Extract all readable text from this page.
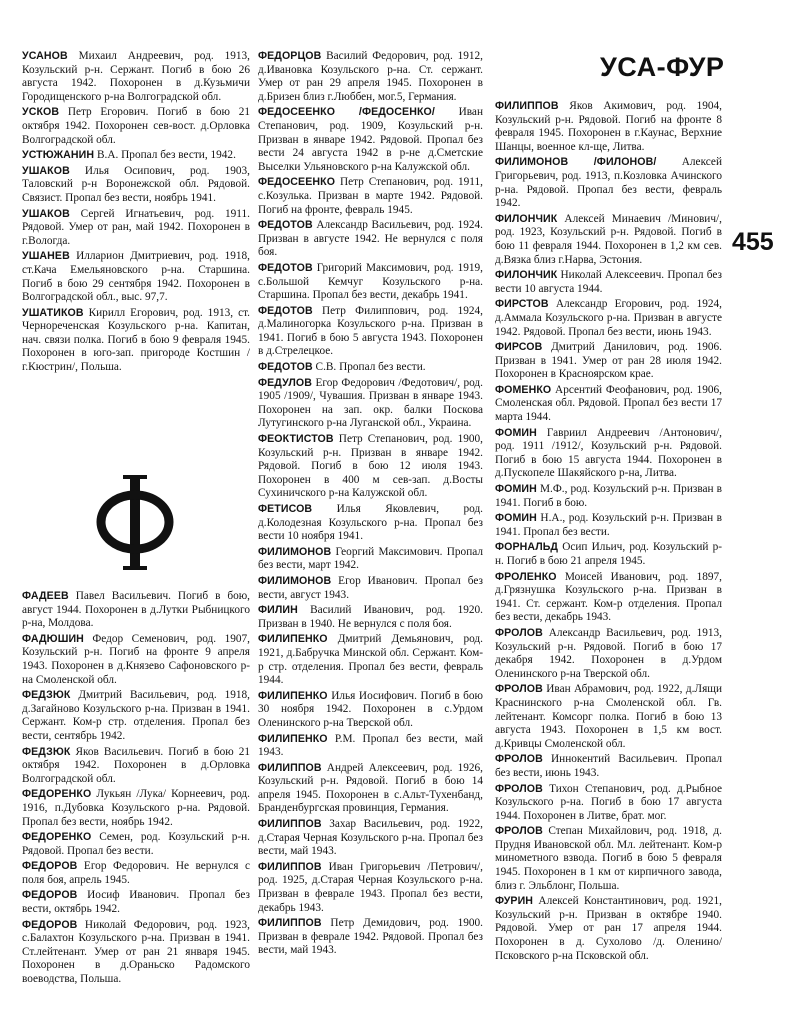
УСА-ФУР
455

УСАНОВ Михаил Андреевич, род. 1913, Козульский р-н. Сержант. Погиб в бою 26 августа 1942. Похоронен в д.Кузьмичи Городищенского р-на Волгоградской обл.

УСКОВ Петр Егорович. Погиб в бою 21 октября 1942. Похоронен сев-вост. д.Орловка Волгоградской обл.

УСТЮЖАНИН В.А. Пропал без вести, 1942.

УШАКОВ Илья Осипович, род. 1903, Таловский р-н Воронежской обл. Рядовой. Связист. Пропал без вести, ноябрь 1941.

УШАКОВ Сергей Игнатьевич, род. 1911. Рядовой. Умер от ран, май 1942. Похоронен в г.Вологда.

УШАНЕВ Илларион Дмитриевич, род. 1918, ст.Кача Емельяновского р-на. Старшина. Погиб в бою 29 сентября 1942. Похоронен в Волгоградской обл., выс. 97,7.

УШАТИКОВ Кирилл Егорович, род. 1913, ст. Чернореченская Козульского р-на. Капитан, нач. связи полка. Погиб в бою 9 февраля 1945. Похоронен в юго-зап. пригороде Костшин /г.Кюстрин/, Польша.

ФАДЕЕВ Павел Васильевич. Погиб в бою, август 1944. Похоронен в д.Лутки Рыбницкого р-на, Молдова.

ФАДЮШИН Федор Семенович, род. 1907, Козульский р-н. Погиб на фронте 9 апреля 1943. Похоронен в д.Князево Сафоновского р-на Смоленской обл.

ФЕДЗЮК Дмитрий Васильевич, род. 1918, д.Загайново Козульского р-на. Призван в 1941. Сержант. Ком-р стр. отделения. Пропал без вести, сентябрь 1942.

ФЕДЗЮК Яков Васильевич. Погиб в бою 21 октября 1942. Похоронен в д.Орловка Волгоградской обл.

ФЕДОРЕНКО Лукьян /Лука/ Корнеевич, род. 1916, п.Дубовка Козульского р-на. Рядовой. Пропал без вести, ноябрь 1942.

ФЕДОРЕНКО Семен, род. Козульский р-н. Рядовой. Пропал без вести.

ФЕДОРОВ Егор Федорович. Не вернулся с поля боя, апрель 1945.

ФЕДОРОВ Иосиф Иванович. Пропал без вести, октябрь 1942.

ФЕДОРОВ Николай Федорович, род. 1923, с.Балахтон Козульского р-на. Призван в 1941. Ст.лейтенант. Умер от ран 21 января 1945. Похоронен в д.Ораньско Радомского воеводства, Польша.

ФЕДОРЦОВ Василий Федорович, род. 1912, д.Ивановка Козульского р-на. Ст. сержант. Умер от ран 29 апреля 1945. Похоронен в д.Бризен близ г.Люббен, мог.5, Германия.

ФЕДОСЕЕНКО /ФЕДОСЕНКО/ Иван Степанович, род. 1909, Козульский р-н. Призван в январе 1942. Рядовой. Пропал без вести 24 августа 1942 в р-не д.Сметские Выселки Ульяновского р-на Калужской обл.

ФЕДОСЕЕНКО Петр Степанович, род. 1911, с.Козулька. Призван в марте 1942. Рядовой. Погиб на фронте, февраль 1945.

ФЕДОТОВ Александр Васильевич, род. 1924. Призван в августе 1942. Не вернулся с поля боя.

ФЕДОТОВ Григорий Максимович, род. 1919, с.Большой Кемчуг Козульского р-на. Старшина. Пропал без вести, декабрь 1941.

ФЕДОТОВ Петр Филиппович, род. 1924, д.Малиногорка Козульского р-на. Призван в 1941. Погиб в бою 5 августа 1943. Похоронен в д.Стрелецкое.

ФЕДОТОВ С.В. Пропал без вести.

ФЕДУЛОВ Егор Федорович /Федотович/, род. 1905 /1909/, Чувашия. Призван в январе 1943. Похоронен на зап. окр. балки Поскова Лутугинского р-на Луганской обл., Украина.

ФЕОКТИСТОВ Петр Степанович, род. 1900, Козульский р-н. Призван в январе 1942. Рядовой. Погиб в бою 12 июля 1943. Похоронен в 400 м сев-зап. д.Восты Сухиничского р-на Калужской обл.

ФЕТИСОВ Илья Яковлевич, род. д.Колодезная Козульского р-на. Пропал без вести 10 ноября 1941.

ФИЛИМОНОВ Георгий Максимович. Пропал без вести, март 1942.

ФИЛИМОНОВ Егор Иванович. Пропал без вести, август 1943.

ФИЛИН Василий Иванович, род. 1920. Призван в 1940. Не вернулся с поля боя.

ФИЛИПЕНКО Дмитрий Демьянович, род. 1921, д.Бабручка Минской обл. Сержант. Ком-р стр. отделения. Пропал без вести, февраль 1944.

ФИЛИПЕНКО Илья Иосифович. Погиб в бою 30 ноября 1942. Похоронен в с.Урдом Оленинского р-на Тверской обл.

ФИЛИПЕНКО Р.М. Пропал без вести, май 1943.

ФИЛИППОВ Андрей Алексеевич, род. 1926, Козульский р-н. Рядовой. Погиб в бою 14 апреля 1945. Похоронен в с.Альт-Тухенбанд, Бранденбургская провинция, Германия.

ФИЛИППОВ Захар Васильевич, род. 1922, д.Старая Черная Козульского р-на. Пропал без вести, май 1943.

ФИЛИППОВ Иван Григорьевич /Петрович/, род. 1925, д.Старая Черная Козульского р-на. Призван в феврале 1943. Пропал без вести, декабрь 1943.

ФИЛИППОВ Петр Демидович, род. 1900. Призван в феврале 1942. Рядовой. Пропал без вести, май 1943.

ФИЛИППОВ Яков Акимович, род. 1904, Козульский р-н. Рядовой. Погиб на фронте 8 февраля 1945. Похоронен в г.Каунас, Верхние Шанцы, военное кл-ще, Литва.

ФИЛИМОНОВ /ФИЛОНОВ/ Алексей Григорьевич, род. 1913, п.Козловка Ачинского р-на. Рядовой. Пропал без вести, февраль 1942.

ФИЛОНЧИК Алексей Минаевич /Минович/, род. 1923, Козульский р-н. Рядовой. Погиб в бою 11 февраля 1944. Похоронен в 1,2 км сев. д.Вязка близ г.Нарва, Эстония.

ФИЛОНЧИК Николай Алексеевич. Пропал без вести 10 августа 1944.

ФИРСТОВ Александр Егорович, род. 1924, д.Аммала Козульского р-на. Призван в августе 1942. Рядовой. Пропал без вести, июнь 1943.

ФИРСОВ Дмитрий Данилович, род. 1906. Призван в 1941. Умер от ран 28 июля 1942. Похоронен в Красноярском крае.

ФОМЕНКО Арсентий Феофанович, род. 1906, Смоленская обл. Рядовой. Пропал без вести 17 марта 1944.

ФОМИН Гавриил Андреевич /Антонович/, род. 1911 /1912/, Козульский р-н. Рядовой. Погиб в бою 15 августа 1944. Похоронен в д.Пускопеле Шакяйского р-на, Литва.

ФОМИН М.Ф., род. Козульский р-н. Призван в 1941. Погиб в бою.

ФОМИН Н.А., род. Козульский р-н. Призван в 1941. Пропал без вести.

ФОРНАЛЬД Осип Ильич, род. Козульский р-н. Погиб в бою 21 апреля 1945.

ФРОЛЕНКО Моисей Иванович, род. 1897, д.Грязнушка Козульского р-на. Призван в 1941. Ст. сержант. Ком-р отделения. Пропал без вести, декабрь 1943.

ФРОЛОВ Александр Васильевич, род. 1913, Козульский р-н. Рядовой. Погиб в бою 17 декабря 1942. Похоронен в д.Урдом Оленинского р-на Тверской обл.

ФРОЛОВ Иван Абрамович, род. 1922, д.Лящи Краснинского р-на Смоленской обл. Гв. лейтенант. Комсорг полка. Погиб в бою 13 августа 1943. Похоронен в 1,5 км вост. д.Кривцы Смоленской обл.

ФРОЛОВ Иннокентий Васильевич. Пропал без вести, июнь 1943.

ФРОЛОВ Тихон Степанович, род. д.Рыбное Козульского р-на. Погиб в бою 17 августа 1944. Похоронен в Литве, брат. мог.

ФРОЛОВ Степан Михайлович, род. 1918, д. Прудня Ивановской обл. Мл. лейтенант. Ком-р минометного взвода. Погиб в бою 5 февраля 1945. Похоронен в 1 км от кирпичного завода, близ г. Эльблонг, Польша.

ФУРИН Алексей Константинович, род. 1921, Козульский р-н. Призван в октябре 1940. Рядовой. Умер от ран 17 апреля 1944. Похоронен в д. Сухолово /д. Оленино/ Псковского р-на Псковской обл.
